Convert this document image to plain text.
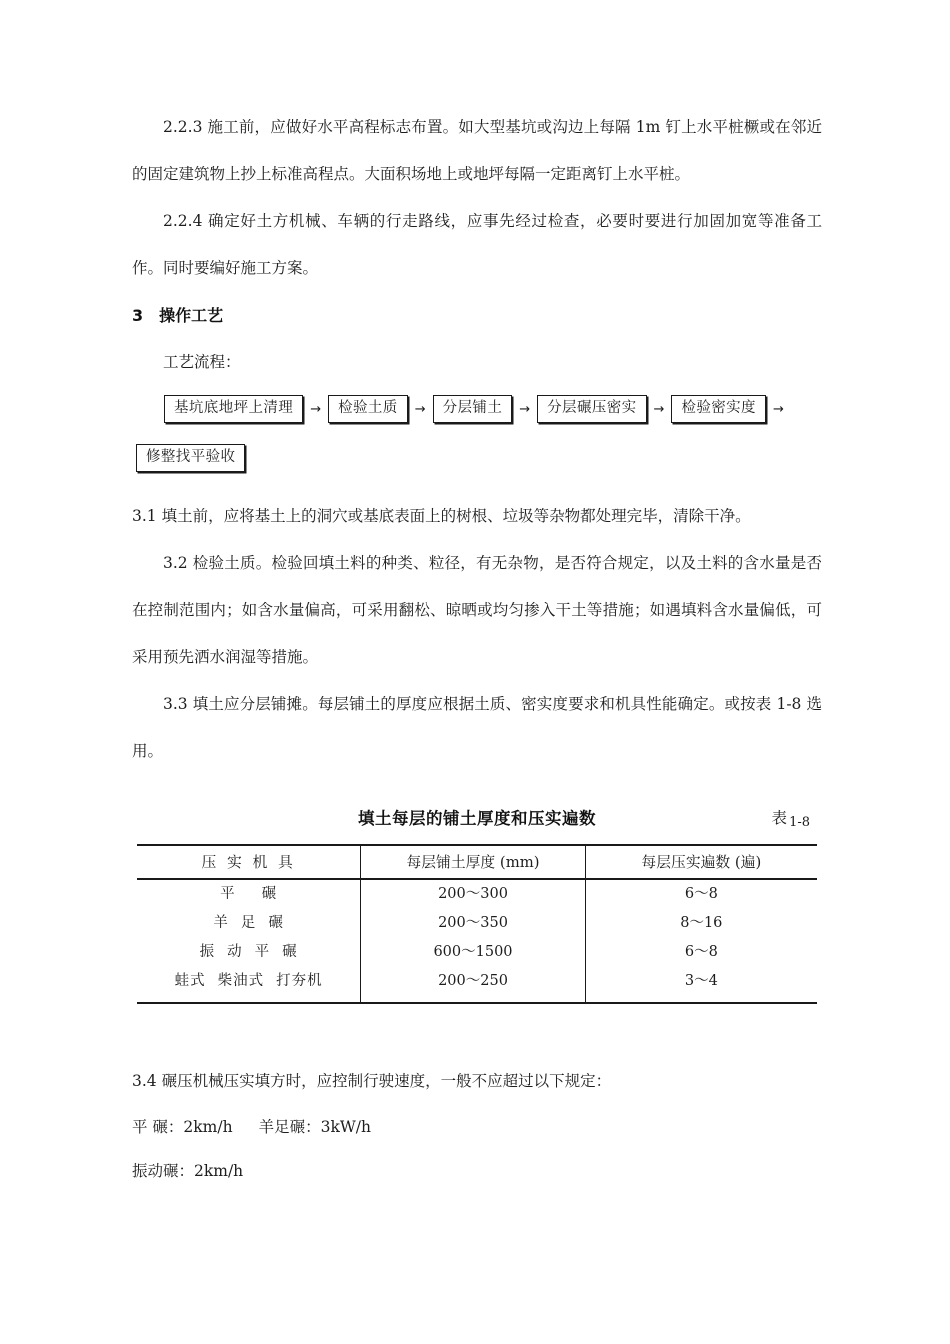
2.2.3 施工前，应做好水平高程标志布置。如大型基坑或沟边上每隔 1m 钉上水平桩橛或在邻近的固定建筑物上抄上标准高程点。大面积场地上或地坪每隔一定距离钉上水平桩。

2.2.4 确定好土方机械、车辆的行走路线，应事先经过检查，必要时要进行加固加宽等准备工作。同时要编好施工方案。

3 操作工艺

工艺流程：

基坑底地坪上清理	→	检验土质	→	分层铺土	→	分层碾压密实	→	检验密实度	→
修整找平验收

3.1 填土前，应将基土上的洞穴或基底表面上的树根、垃圾等杂物都处理完毕，清除干净。

3.2 检验土质。检验回填土料的种类、粒径，有无杂物，是否符合规定，以及土料的含水量是否在控制范围内；如含水量偏高，可采用翻松、晾晒或均匀掺入干土等措施；如遇填料含水量偏低，可采用预先洒水润湿等措施。

3.3 填土应分层铺摊。每层铺土的厚度应根据土质、密实度要求和机具性能确定。或按表 1-8 选用。

填土每层的铺土厚度和压实遍数	表 $_{1-8}$
压 实 机 具	每层铺土厚度 (mm)	每层压实遍数 (遍)
平 碾	200～300	6～8
羊 足 碾	200～350	8～16
振 动 平 碾	600～1500	6～8
蛙式 柴油式 打夯机	200～250	3～4

3.4 碾压机械压实填方时，应控制行驶速度，一般不应超过以下规定：

平 碾：2km/h 羊足碾：3kW/h

振动碾：2km/h
